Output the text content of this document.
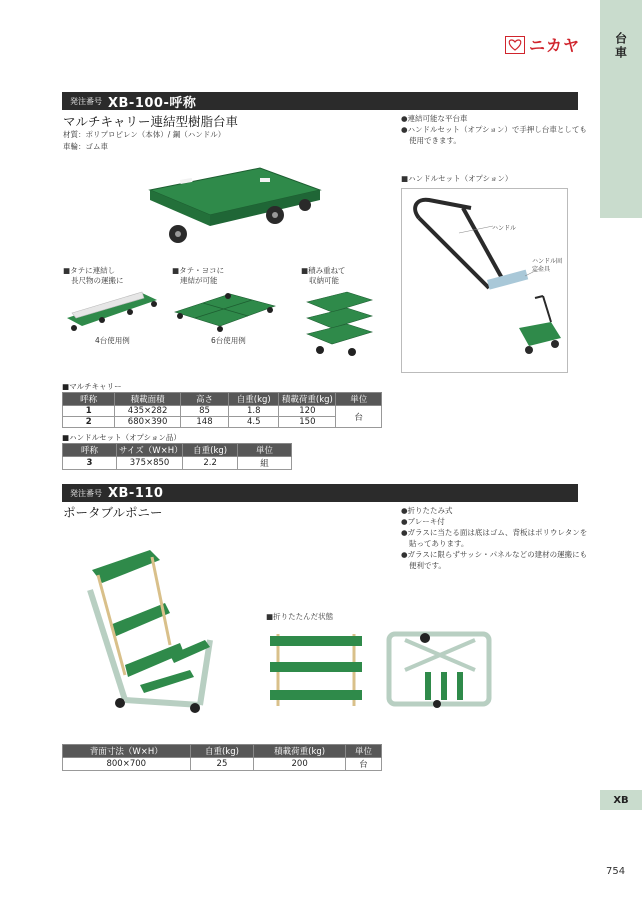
台車
XB
754
ニカヤ
発注番号 XB-100-呼称
マルチキャリー連結型樹脂台車
材質：ポリプロピレン（本体）/ 鋼（ハンドル）
車輪：ゴム車
●連結可能な平台車
●ハンドルセット（オプション）で手押し台車としても使用できます。
■ハンドルセット（オプション）
ハンドル
ハンドル固定金具
■タテに連結し
長尺物の運搬に
■タテ・ヨコに
連結が可能
■積み重ねて
収納可能
4台使用例	6台使用例
■マルチキャリー
呼称	積載面積	高さ	自重(kg)	積載荷重(kg)	単位
1	435×282	85	1.8	120	台
2	680×390	148	4.5	150	
■ハンドルセット（オプション品）
呼称	サイズ（W×H）	自重(kg)	単位
3	375×850	2.2	組
発注番号 XB-110
ポータブルポニー	●折りたたみ式
●ブレーキ付
●ガラスに当たる面は底はゴム、背板はポリウレタンを貼ってあります。
●ガラスに限らずサッシ・パネルなどの建材の運搬にも便利です。
■折りたたんだ状態
背面寸法（W×H）	自重(kg)	積載荷重(kg)	単位
800×700	25	200	台
